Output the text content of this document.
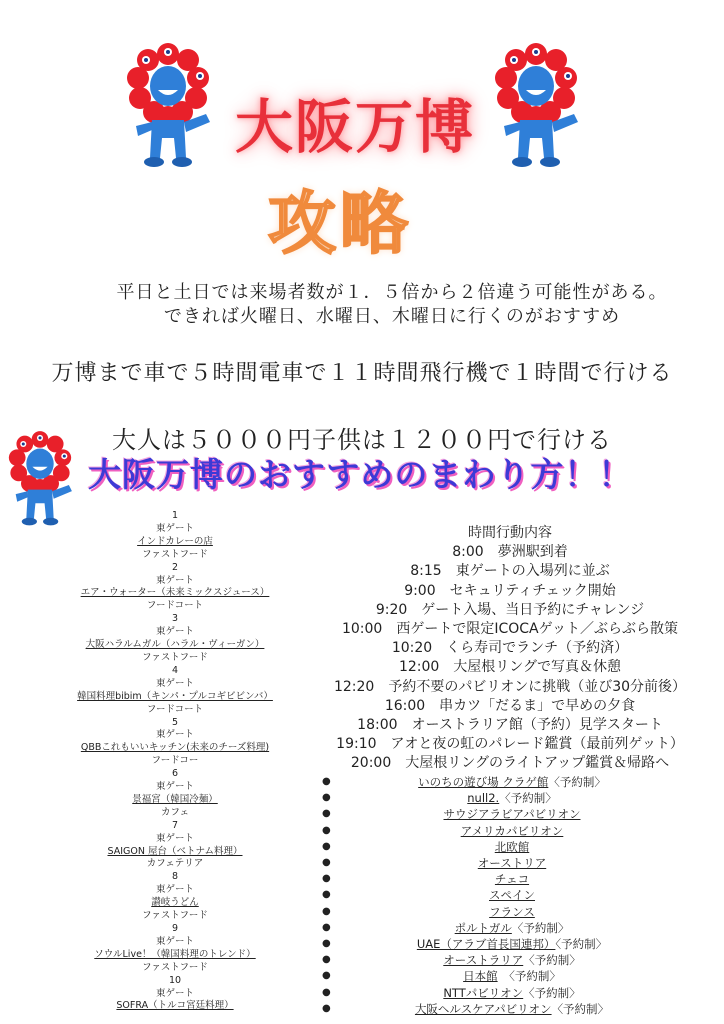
大阪万博
攻略
平日と土日では来場者数が１．５倍から２倍違う可能性がある。
できれば火曜日、水曜日、木曜日に行くのがおすすめ
万博まで車で５時間電車で１１時間飛行機で１時間で行ける
大人は５０００円子供は１２００円で行ける
大阪万博のおすすめのまわり方！！
1
東ゲート
インドカレーの店
ファストフード
2
東ゲート
エア・ウォーター（未来ミックスジュース）
フードコート
3
東ゲート
大阪ハラルムガル（ハラル・ヴィーガン）
ファストフード
4
東ゲート
韓国料理bibim（キンパ・プルコギビビンバ）
フードコート
5
東ゲート
QBBこれもいいキッチン(未来のチーズ料理)
フードコー
6
東ゲート
景福宮（韓国冷麺）
カフェ
7
東ゲート
SAIGON 屋台（ベトナム料理）
カフェテリア
8
東ゲート
讃岐うどん
ファストフード
9
東ゲート
ソウルLive！（韓国料理のトレンド）
ファストフード
10
東ゲート
SOFRA（トルコ宮廷料理）
時間行動内容
8:00　夢洲駅到着
8:15　東ゲートの入場列に並ぶ
9:00　セキュリティチェック開始
9:20　ゲート入場、当日予約にチャレンジ
10:00　西ゲートで限定ICOCAゲット／ぶらぶら散策
10:20　くら寿司でランチ（予約済）
12:00　大屋根リングで写真＆休憩
12:20　予約不要のパビリオンに挑戦（並び30分前後）
16:00　串カツ「だるま」で早めの夕食
18:00　オーストラリア館（予約）見学スタート
19:10　アオと夜の虹のパレード鑑賞（最前列ゲット）
20:00　大屋根リングのライトアップ鑑賞＆帰路へ
●	いのちの遊び場 クラゲ館〈予約制〉
●	null2.〈予約制〉
●	サウジアラビアパビリオン
●	アメリカパビリオン
●	北欧館
●	オーストリア
●	チェコ
●	スペイン
●	フランス
●	ポルトガル〈予約制〉
●	UAE（アラブ首長国連邦）〈予約制〉
●	オーストラリア〈予約制〉
●	日本館　〈予約制〉
●	NTTパビリオン〈予約制〉
●	大阪ヘルスケアパビリオン〈予約制〉
